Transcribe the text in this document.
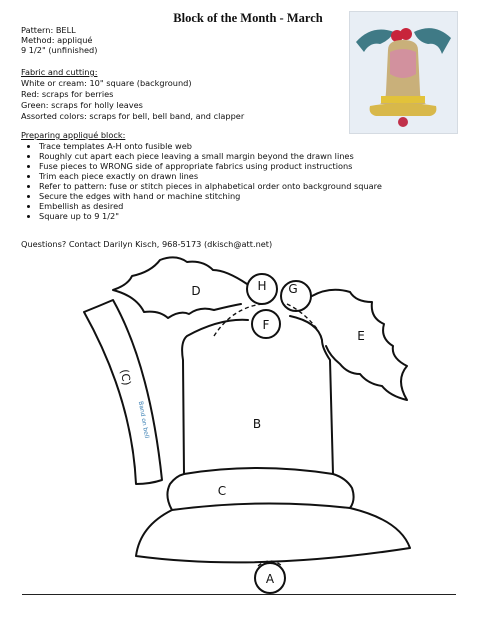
Block of the Month - March
Pattern: BELL
Method: appliqué
9 1/2" (unfinished)
Fabric and cutting:
White or cream: 10" square (background)
Red: scraps for berries
Green: scraps for holly leaves
Assorted colors: scraps for bell, bell band, and clapper
Preparing appliqué block:
• Trace templates A-H onto fusible web
• Roughly cut apart each piece leaving a small margin beyond the drawn lines
• Fuse pieces to WRONG side of appropriate fabrics using product instructions
• Trim each piece exactly on drawn lines
• Refer to pattern: fuse or stitch pieces in alphabetical order onto background square
• Secure the edges with hand or machine stitching
• Embellish as desired
• Square up to 9 1/2"
Questions? Contact Darilyn Kisch, 968-5173 (dkisch@att.net)
D
E
B
C
A
F
G
H
(C)
Band on bell
